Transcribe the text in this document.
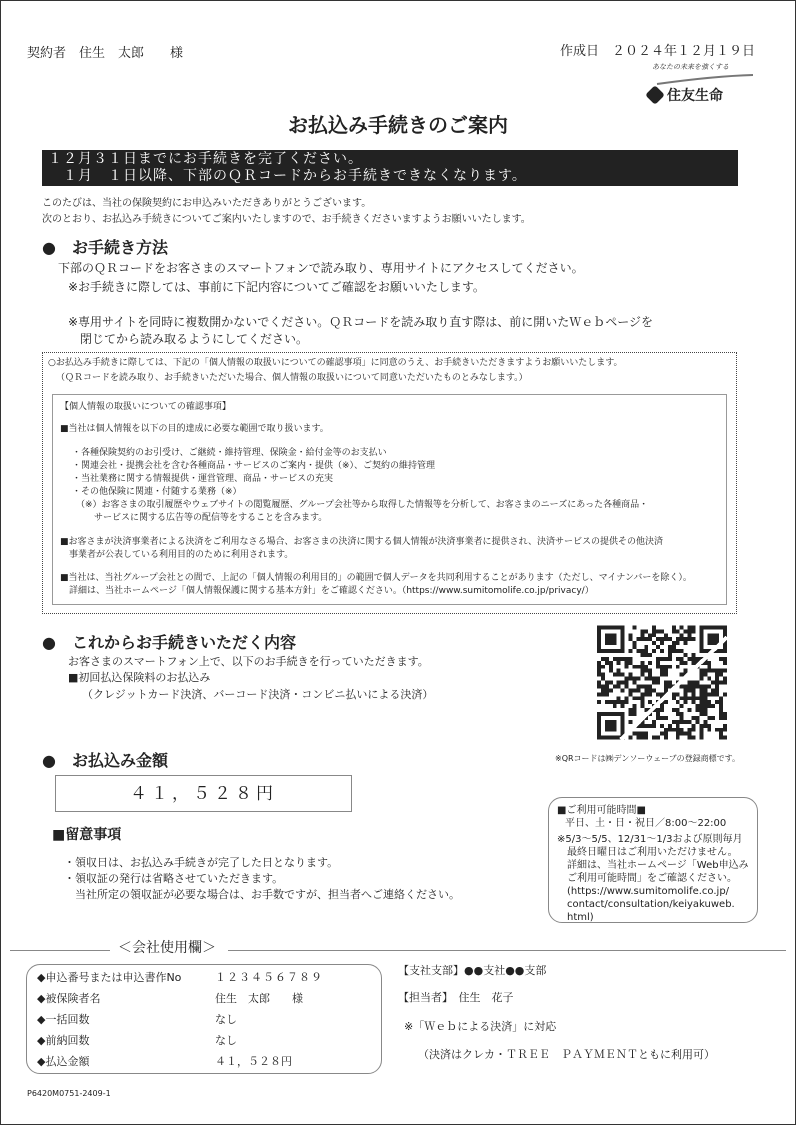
契約者　住生　太郎　　様	作成日　２０２４年１２月１９日
あなたの未来を強くする
住友生命
お払込み手続きのご案内
１２月３１日までにお手続きを完了ください。
　１月　１日以降、下部のＱＲコードからお手続きできなくなります。
このたびは、当社の保険契約にお申込みいただきありがとうございます。
次のとおり、お払込み手続きについてご案内いたしますので、お手続きくださいますようお願いいたします。
●　お手続き方法
下部のＱＲコードをお客さまのスマートフォンで読み取り、専用サイトにアクセスしてください。
※お手続きに際しては、事前に下記内容についてご確認をお願いいたします。
※専用サイトを同時に複数開かないでください。ＱＲコードを読み取り直す際は、前に開いたＷｅｂページを
　閉じてから読み取るようにしてください。
○お払込み手続きに際しては、下記の「個人情報の取扱いについての確認事項」に同意のうえ、お手続きいただきますようお願いいたします。
（ＱＲコードを読み取り、お手続きいただいた場合、個人情報の取扱いについて同意いただいたものとみなします。）
【個人情報の取扱いについての確認事項】
■当社は個人情報を以下の目的達成に必要な範囲で取り扱います。
・各種保険契約のお引受け、ご継続・維持管理、保険金・給付金等のお支払い
・関連会社・提携会社を含む各種商品・サービスのご案内・提供（※）、ご契約の維持管理
・当社業務に関する情報提供・運営管理、商品・サービスの充実
・その他保険に関連・付随する業務（※）
（※）お客さまの取引履歴やウェブサイトの閲覧履歴、グループ会社等から取得した情報等を分析して、お客さまのニーズにあった各種商品・
　　サービスに関する広告等の配信等をすることを含みます。
■お客さまが決済事業者による決済をご利用なさる場合、お客さまの決済に関する個人情報が決済事業者に提供され、決済サービスの提供その他決済
　事業者が公表している利用目的のために利用されます。
■当社は、当社グループ会社との間で、上記の「個人情報の利用目的」の範囲で個人データを共同利用することがあります（ただし、マイナンバーを除く）。
　詳細は、当社ホームページ「個人情報保護に関する基本方針」をご確認ください。（https://www.sumitomolife.co.jp/privacy/）
●　これからお手続きいただく内容
お客さまのスマートフォン上で、以下のお手続きを行っていただきます。
■初回払込保険料のお払込み
（クレジットカード決済、バーコード決済・コンビニ払いによる決済）
※QRコードは㈱デンソーウェーブの登録商標です。
●　お払込み金額
４１，５２８円
■留意事項
・領収日は、お払込み手続きが完了した日となります。
・領収証の発行は省略させていただきます。
　当社所定の領収証が必要な場合は、お手数ですが、担当者へご連絡ください。
■ご利用可能時間■
平日、土・日・祝日／8:00～22:00
※5/3～5/5、12/31～1/3および原則毎月
　最終日曜日はご利用いただけません。
　詳細は、当社ホームページ「Web申込み
　ご利用可能時間」をご確認ください。
　(https://www.sumitomolife.co.jp/
　contact/consultation/keiyakuweb.
　html)
＜会社使用欄＞
◆申込番号または申込書作No	１２３４５６７８９
◆被保険者名	住生　太郎　　様
◆一括回数	なし
◆前納回数	なし
◆払込金額	４１，５２８円
【支社支部】●●支社●●支部
【担当者】　住生　花子
※「Ｗｅｂによる決済」に対応
（決済はクレカ・ＴＲＥＥ　ＰＡＹＭＥＮＴともに利用可）
P6420M0751-2409-1
